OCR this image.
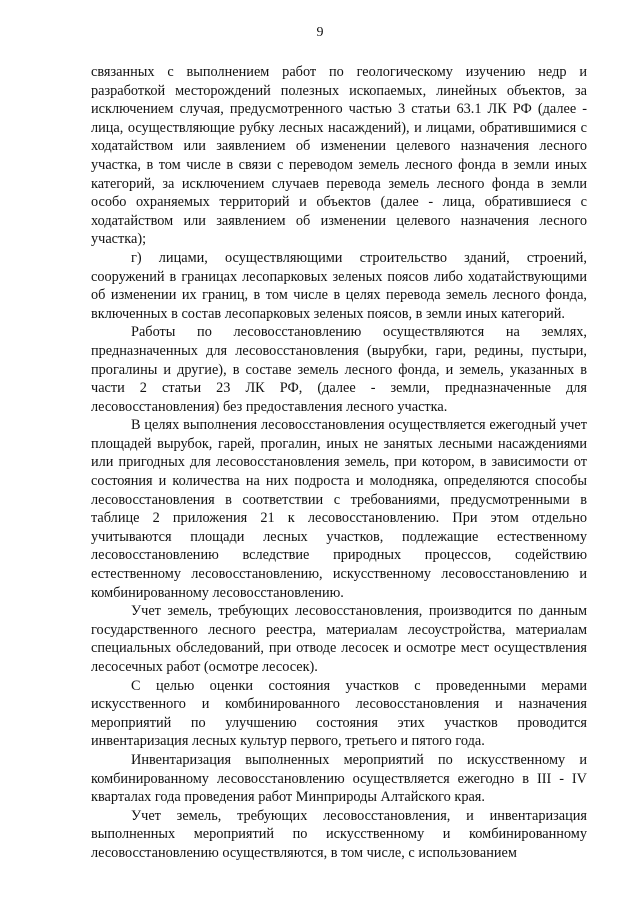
9

связанных с выполнением работ по геологическому изучению недр и разработкой месторождений полезных ископаемых, линейных объектов, за исключением случая, предусмотренного частью 3 статьи 63.1 ЛК РФ (далее - лица, осуществляющие рубку лесных насаждений), и лицами, обратившимися с ходатайством или заявлением об изменении целевого назначения лесного участка, в том числе в связи с переводом земель лесного фонда в земли иных категорий, за исключением случаев перевода земель лесного фонда в земли особо охраняемых территорий и объектов (далее - лица, обратившиеся с ходатайством или заявлением об изменении целевого назначения лесного участка);

г) лицами, осуществляющими строительство зданий, строений, сооружений в границах лесопарковых зеленых поясов либо ходатайствующими об изменении их границ, в том числе в целях перевода земель лесного фонда, включенных в состав лесопарковых зеленых поясов, в земли иных категорий.

Работы по лесовосстановлению осуществляются на землях, предназначенных для лесовосстановления (вырубки, гари, редины, пустыри, прогалины и другие), в составе земель лесного фонда, и земель, указанных в части 2 статьи 23 ЛК РФ, (далее - земли, предназначенные для лесовосстановления) без предоставления лесного участка.

В целях выполнения лесовосстановления осуществляется ежегодный учет площадей вырубок, гарей, прогалин, иных не занятых лесными насаждениями или пригодных для лесовосстановления земель, при котором, в зависимости от состояния и количества на них подроста и молодняка, определяются способы лесовосстановления в соответствии с требованиями, предусмотренными в таблице 2 приложения 21 к лесовосстановлению. При этом отдельно учитываются площади лесных участков, подлежащие естественному лесовосстановлению вследствие природных процессов, содействию естественному лесовосстановлению, искусственному лесовосстановлению и комбинированному лесовосстановлению.

Учет земель, требующих лесовосстановления, производится по данным государственного лесного реестра, материалам лесоустройства, материалам специальных обследований, при отводе лесосек и осмотре мест осуществления лесосечных работ (осмотре лесосек).

С целью оценки состояния участков с проведенными мерами искусственного и комбинированного лесовосстановления и назначения мероприятий по улучшению состояния этих участков проводится инвентаризация лесных культур первого, третьего и пятого года.

Инвентаризация выполненных мероприятий по искусственному и комбинированному лесовосстановлению осуществляется ежегодно в III - IV кварталах года проведения работ Минприроды Алтайского края.

Учет земель, требующих лесовосстановления, и инвентаризация выполненных мероприятий по искусственному и комбинированному лесовосстановлению осуществляются, в том числе, с использованием
